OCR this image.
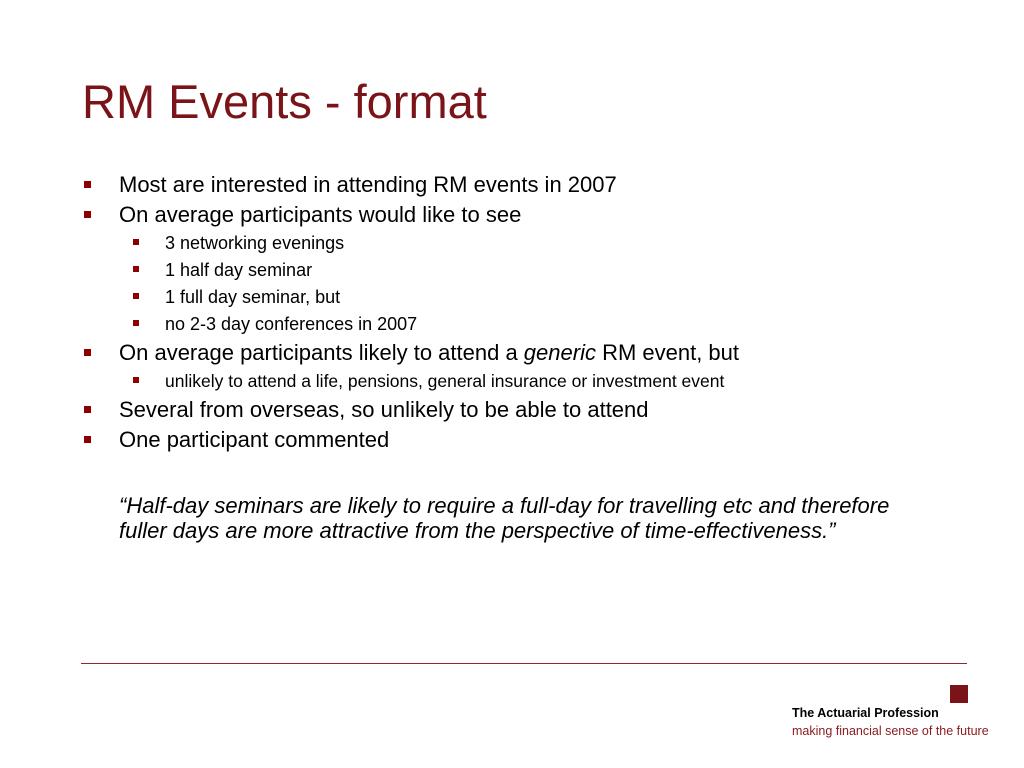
RM Events - format
Most are interested in attending RM events in 2007
On average participants would like to see
3 networking evenings
1 half day seminar
1 full day seminar, but
no 2-3 day conferences in 2007
On average participants likely to attend a generic RM event, but
unlikely to attend a life, pensions, general insurance or investment event
Several from overseas, so unlikely to be able to attend
One participant commented

“Half-day seminars are likely to require a full-day for travelling etc and therefore fuller days are more attractive from the perspective of time-effectiveness.”

The Actuarial Profession
making financial sense of the future
